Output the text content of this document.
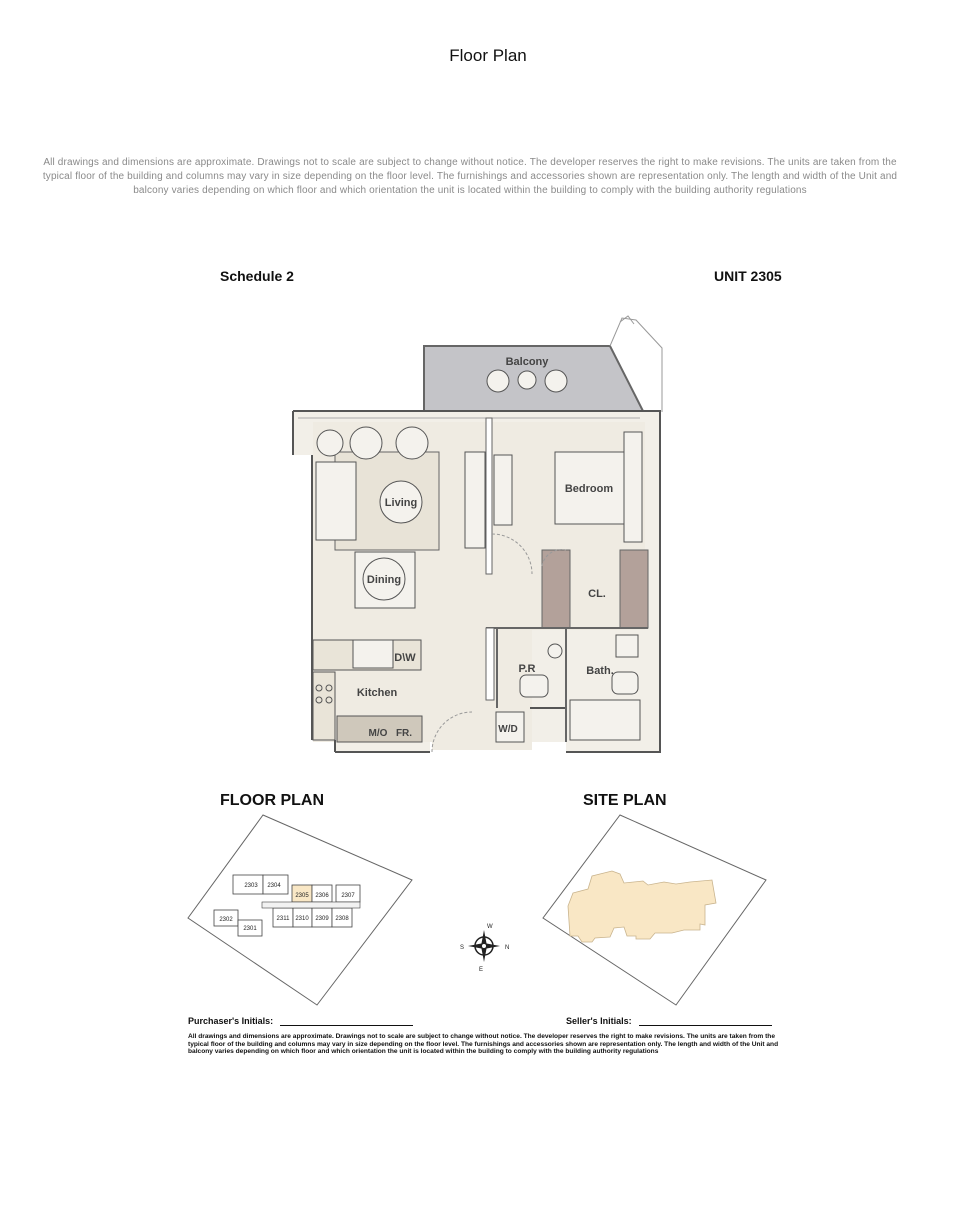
Floor Plan
All drawings and dimensions are approximate. Drawings not to scale are subject to change without notice. The developer reserves the right to make revisions. The units are taken from the typical floor of the building and columns may vary in size depending on the floor level. The furnishings and accessories shown are representation only. The length and width of the Unit and balcony varies depending on which floor and which orientation the unit is located within the building to comply with the building authority regulations
Schedule 2	UNIT 2305
Balcony
Living
Dining
Bedroom
CL.
D\W
Kitchen
P.R	Bath.
M/O FR.	W/D
FLOOR PLAN	SITE PLAN
2303 2304
2305 2306 2307
2302	2311 2310 2309 2308
2301	W
N
E
S
Purchaser's Initials:	Seller's Initials:
All drawings and dimensions are approximate. Drawings not to scale are subject to change without notice. The developer reserves the right to make revisions. The units are taken from the typical floor of the building and columns may vary in size depending on the floor level. The furnishings and accessories shown are representation only. The length and width of the Unit and balcony varies depending on which floor and which orientation the unit is located within the building to comply with the building authority regulations
